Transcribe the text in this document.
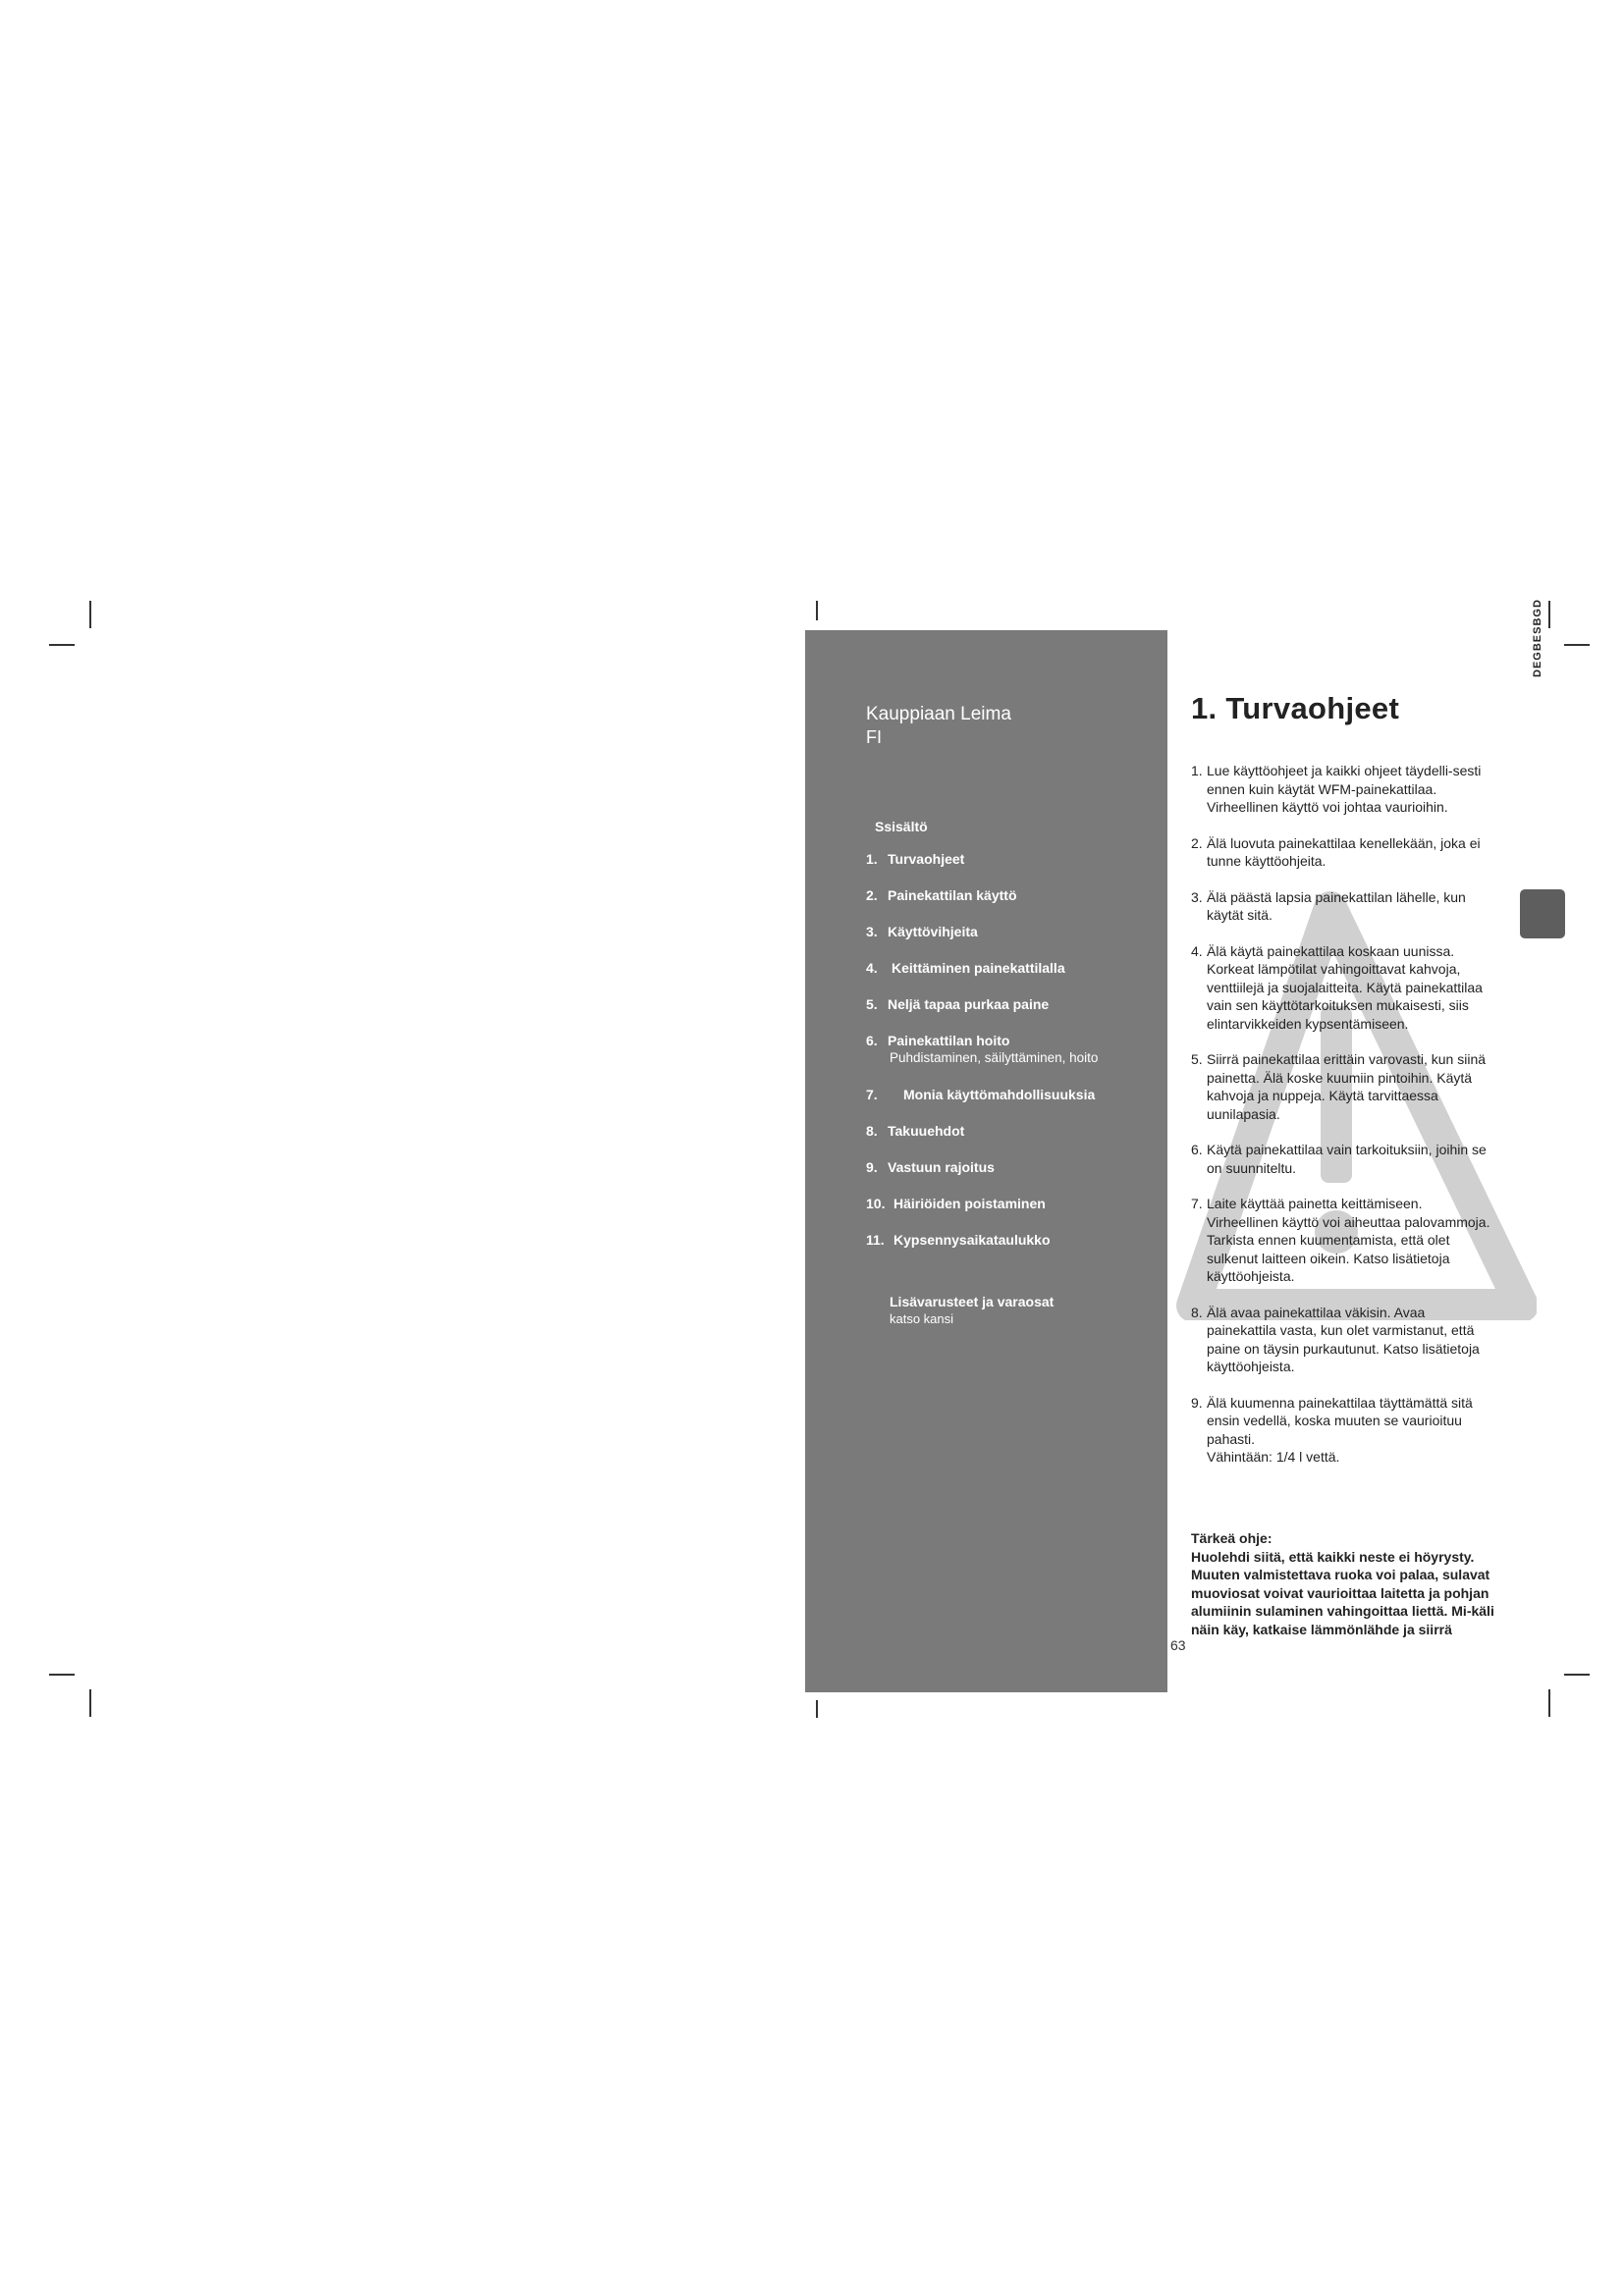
Kauppiaan Leima
FI
Ssisältö
1. Turvaohjeet
2. Painekattilan käyttö
3. Käyttövihjeita
4. Keittäminen painekattilalla
5. Neljä tapaa purkaa paine
6. Painekattilan hoito
Puhdistaminen, säilyttäminen, hoito
7. Monia käyttömahdollisuuksia
8. Takuuehdot
9. Vastuun rajoitus
10. Häiriöiden poistaminen
11. Kypsennysaikataulukko
Lisävarusteet ja varaosat
katso kansi
1. Turvaohjeet
1. Lue käyttöohjeet ja kaikki ohjeet täydelli-sesti ennen kuin käytät WFM-painekattilaa. Virheellinen käyttö voi johtaa vaurioihin.
2. Älä luovuta painekattilaa kenellekään, joka ei tunne käyttöohjeita.
3. Älä päästä lapsia painekattilan lähelle, kun käytät sitä.
4. Älä käytä painekattilaa koskaan uunissa. Korkeat lämpötilat vahingoittavat kahvoja, venttiilejä ja suojalaitteita. Käytä painekattilaa vain sen käyttötarkoituksen mukaisesti, siis elintarvikkeiden kypsentämiseen.
5. Siirrä painekattilaa erittäin varovasti, kun siinä painetta. Älä koske kuumiin pintoihin. Käytä kahvoja ja nuppeja. Käytä tarvittaessa uunilapasia.
6. Käytä painekattilaa vain tarkoituksiin, joihin se on suunniteltu.
7. Laite käyttää painetta keittämiseen. Virheellinen käyttö voi aiheuttaa palovammoja. Tarkista ennen kuumentamista, että olet sulkenut laitteen oikein. Katso lisätietoja käyttöohjeista.
8. Älä avaa painekattilaa väkisin. Avaa painekattila vasta, kun olet varmistanut, että paine on täysin purkautunut. Katso lisätietoja käyttöohjeista.
9. Älä kuumenna painekattilaa täyttämättä sitä ensin vedellä, koska muuten se vaurioituu pahasti.
Vähintään: 1/4 l vettä.
Tärkeä ohje:
Huolehdi siitä, että kaikki neste ei höyrysty. Muuten valmistettava ruoka voi palaa, sulavat muoviosat voivat vaurioittaa laitetta ja pohjan alumiinin sulaminen vahingoittaa liettä. Mi-käli näin käy, katkaise lämmönlähde ja siirrä
63
DEGBESBGD
